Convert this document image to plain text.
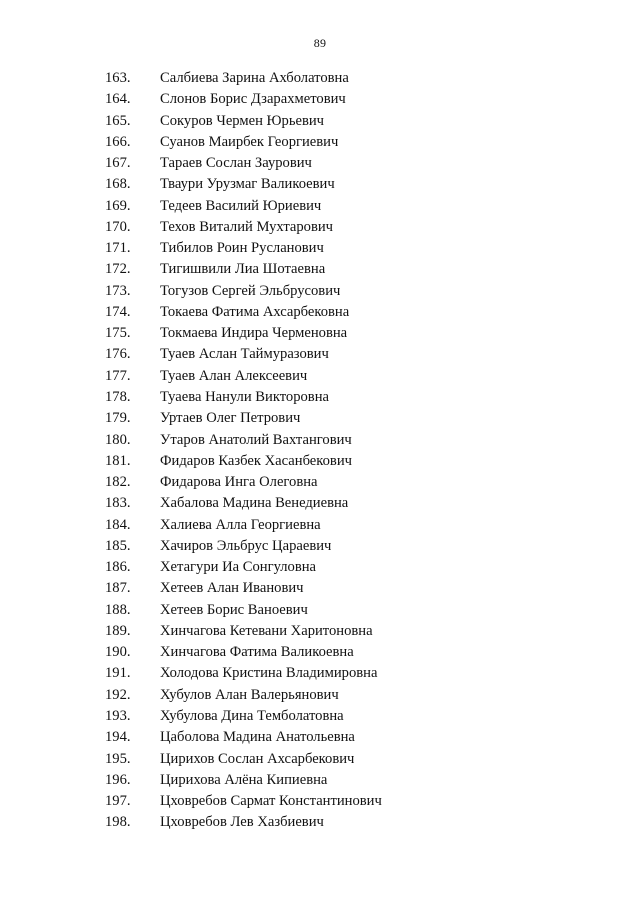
89
163. Салбиева Зарина Ахболатовна
164. Слонов Борис Дзарахметович
165. Сокуров Чермен Юрьевич
166. Суанов Маирбек Георгиевич
167. Тараев Сослан Заурович
168. Тваури Урузмаг Валикоевич
169. Тедеев Василий Юриевич
170. Техов Виталий Мухтарович
171. Тибилов Роин Русланович
172. Тигишвили Лиа Шотаевна
173. Тогузов Сергей Эльбрусович
174. Токаева Фатима Ахсарбековна
175. Токмаева Индира Черменовна
176. Туаев Аслан Таймуразович
177. Туаев Алан Алексеевич
178. Туаева Нанули Викторовна
179. Уртаев Олег Петрович
180. Утаров Анатолий Вахтангович
181. Фидаров Казбек Хасанбекович
182. Фидарова Инга Олеговна
183. Хабалова Мадина Венедиевна
184. Халиева Алла Георгиевна
185. Хачиров Эльбрус Цараевич
186. Хетагури Иа Сонгуловна
187. Хетеев Алан Иванович
188. Хетеев Борис Ваноевич
189. Хинчагова Кетевани Харитоновна
190. Хинчагова Фатима Валикоевна
191. Холодова Кристина Владимировна
192. Хубулов Алан Валерьянович
193. Хубулова Дина Темболатовна
194. Цаболова Мадина Анатольевна
195. Цирихов Сослан Ахсарбекович
196. Цирихова Алёна Кипиевна
197. Цховребов Сармат Константинович
198. Цховребов Лев Хазбиевич
